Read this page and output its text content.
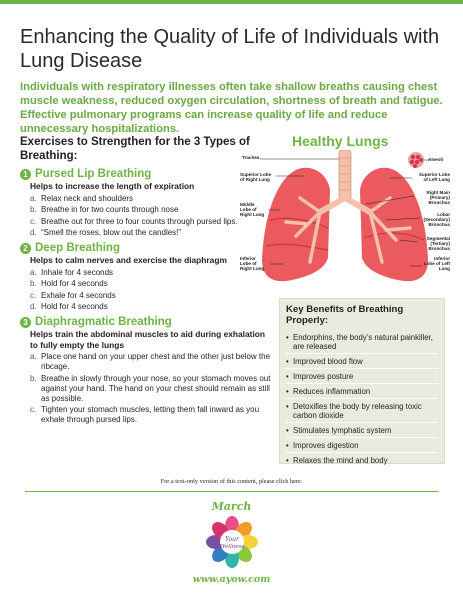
Enhancing the Quality of Life of Individuals with Lung Disease

Individuals with respiratory illnesses often take shallow breaths causing chest muscle weakness, reduced oxygen circulation, shortness of breath and fatigue. Effective pulmonary programs can increase quality of life and reduce unnecessary hospitalizations.

Exercises to Strengthen for the 3 Types of Breathing:
1 Pursed Lip Breathing
Helps to increase the length of expiration
a. Relax neck and shoulders
b. Breathe in for two counts through nose
c. Breathe out for three to four counts through pursed lips.
d. “Smell the roses, blow out the candles!”
2 Deep Breathing
Helps to calm nerves and exercise the diaphragm
a. Inhale for 4 seconds
b. Hold for 4 seconds
c. Exhale for 4 seconds
d. Hold for 4 seconds
3 Diaphragmatic Breathing
Helps train the abdominal muscles to aid during exhalation to fully empty the lungs
a. Place one hand on your upper chest and the other just below the ribcage.
b. Breathe in slowly through your nose, so your stomach moves out against your hand. The hand on your chest should remain as still as possible.
c. Tighten your stomach muscles, letting them fall inward as you exhale through pursed lips.
Healthy Lungs
Trachea
Superior Lobe of Right Lung
Middle Lobe of Right Lung
Inferior Lobe of Right Lung
Alveoli
Superior Lobe of Left Lung
Right Main (Primary) Bronchus
Lobar (Secondary) Bronchus
Segmental (Tertiary) Bronchus
Inferior Lobe of Left Lung
Key Benefits of Breathing Properly:
• Endorphins, the body’s natural painkiller, are released
• Improved blood flow
• Improves posture
• Reduces inflammation
• Detoxifies the body by releasing toxic carbon dioxide
• Stimulates lymphatic system
• Improves digestion
• Relaxes the mind and body
For a text-only version of this content, please click here.
March
Your
Wellness
www.ayow.com
